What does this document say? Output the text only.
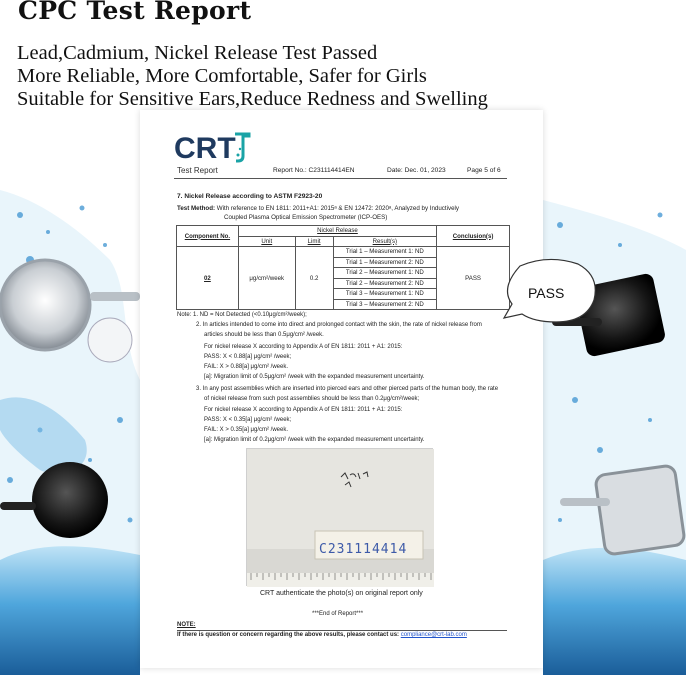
CPC Test Report
Lead,Cadmium, Nickel Release Test Passed
More Reliable, More Comfortable, Safer for Girls
Suitable for Sensitive Ears,Reduce Redness and Swelling
CRT
Test Report	Report No.: C231114414EN	Date: Dec. 01, 2023	Page 5 of 6
7. Nickel Release according to ASTM F2923-20
Test Method: With reference to EN 1811: 2011+A1: 2015ᵃ & EN 12472: 2020ᵃ, Analyzed by Inductively
Coupled Plasma Optical Emission Spectrometer (ICP-OES)
Component No.	Nickel Release			Conclusion(s)
	Unit	Limit	Result(s)	
02	μg/cm²/week	0.2	Trial 1 – Measurement 1: ND	PASS
			Trial 1 – Measurement 2: ND	
			Trial 2 – Measurement 1: ND	
			Trial 2 – Measurement 2: ND	
			Trial 3 – Measurement 1: ND	
			Trial 3 – Measurement 2: ND	
Note: 1. ND = Not Detected (<0.10μg/cm²/week);
2. In articles intended to come into direct and prolonged contact with the skin, the rate of nickel release from
articles should be less than 0.5μg/cm² /week.
For nickel release X according to Appendix A of EN 1811: 2011 + A1: 2015:
PASS: X < 0.88[a] μg/cm² /week;
FAIL: X > 0.88[a] μg/cm² /week.
[a]: Migration limit of 0.5μg/cm² /week with the expanded measurement uncertainty.
3. In any post assemblies which are inserted into pierced ears and other pierced parts of the human body, the rate
of nickel release from such post assemblies should be less than 0.2μg/cm²/week;
For nickel release X according to Appendix A of EN 1811: 2011 + A1: 2015:
PASS: X < 0.35[a] μg/cm² /week;
FAIL: X > 0.35[a] μg/cm² /week.
[a]: Migration limit of 0.2μg/cm² /week with the expanded measurement uncertainty.
C231114414
CRT authenticate the photo(s) on original report only
***End of Report***
NOTE:
If there is question or concern regarding the above results, please contact us: compliance@crt-lab.com
PASS
